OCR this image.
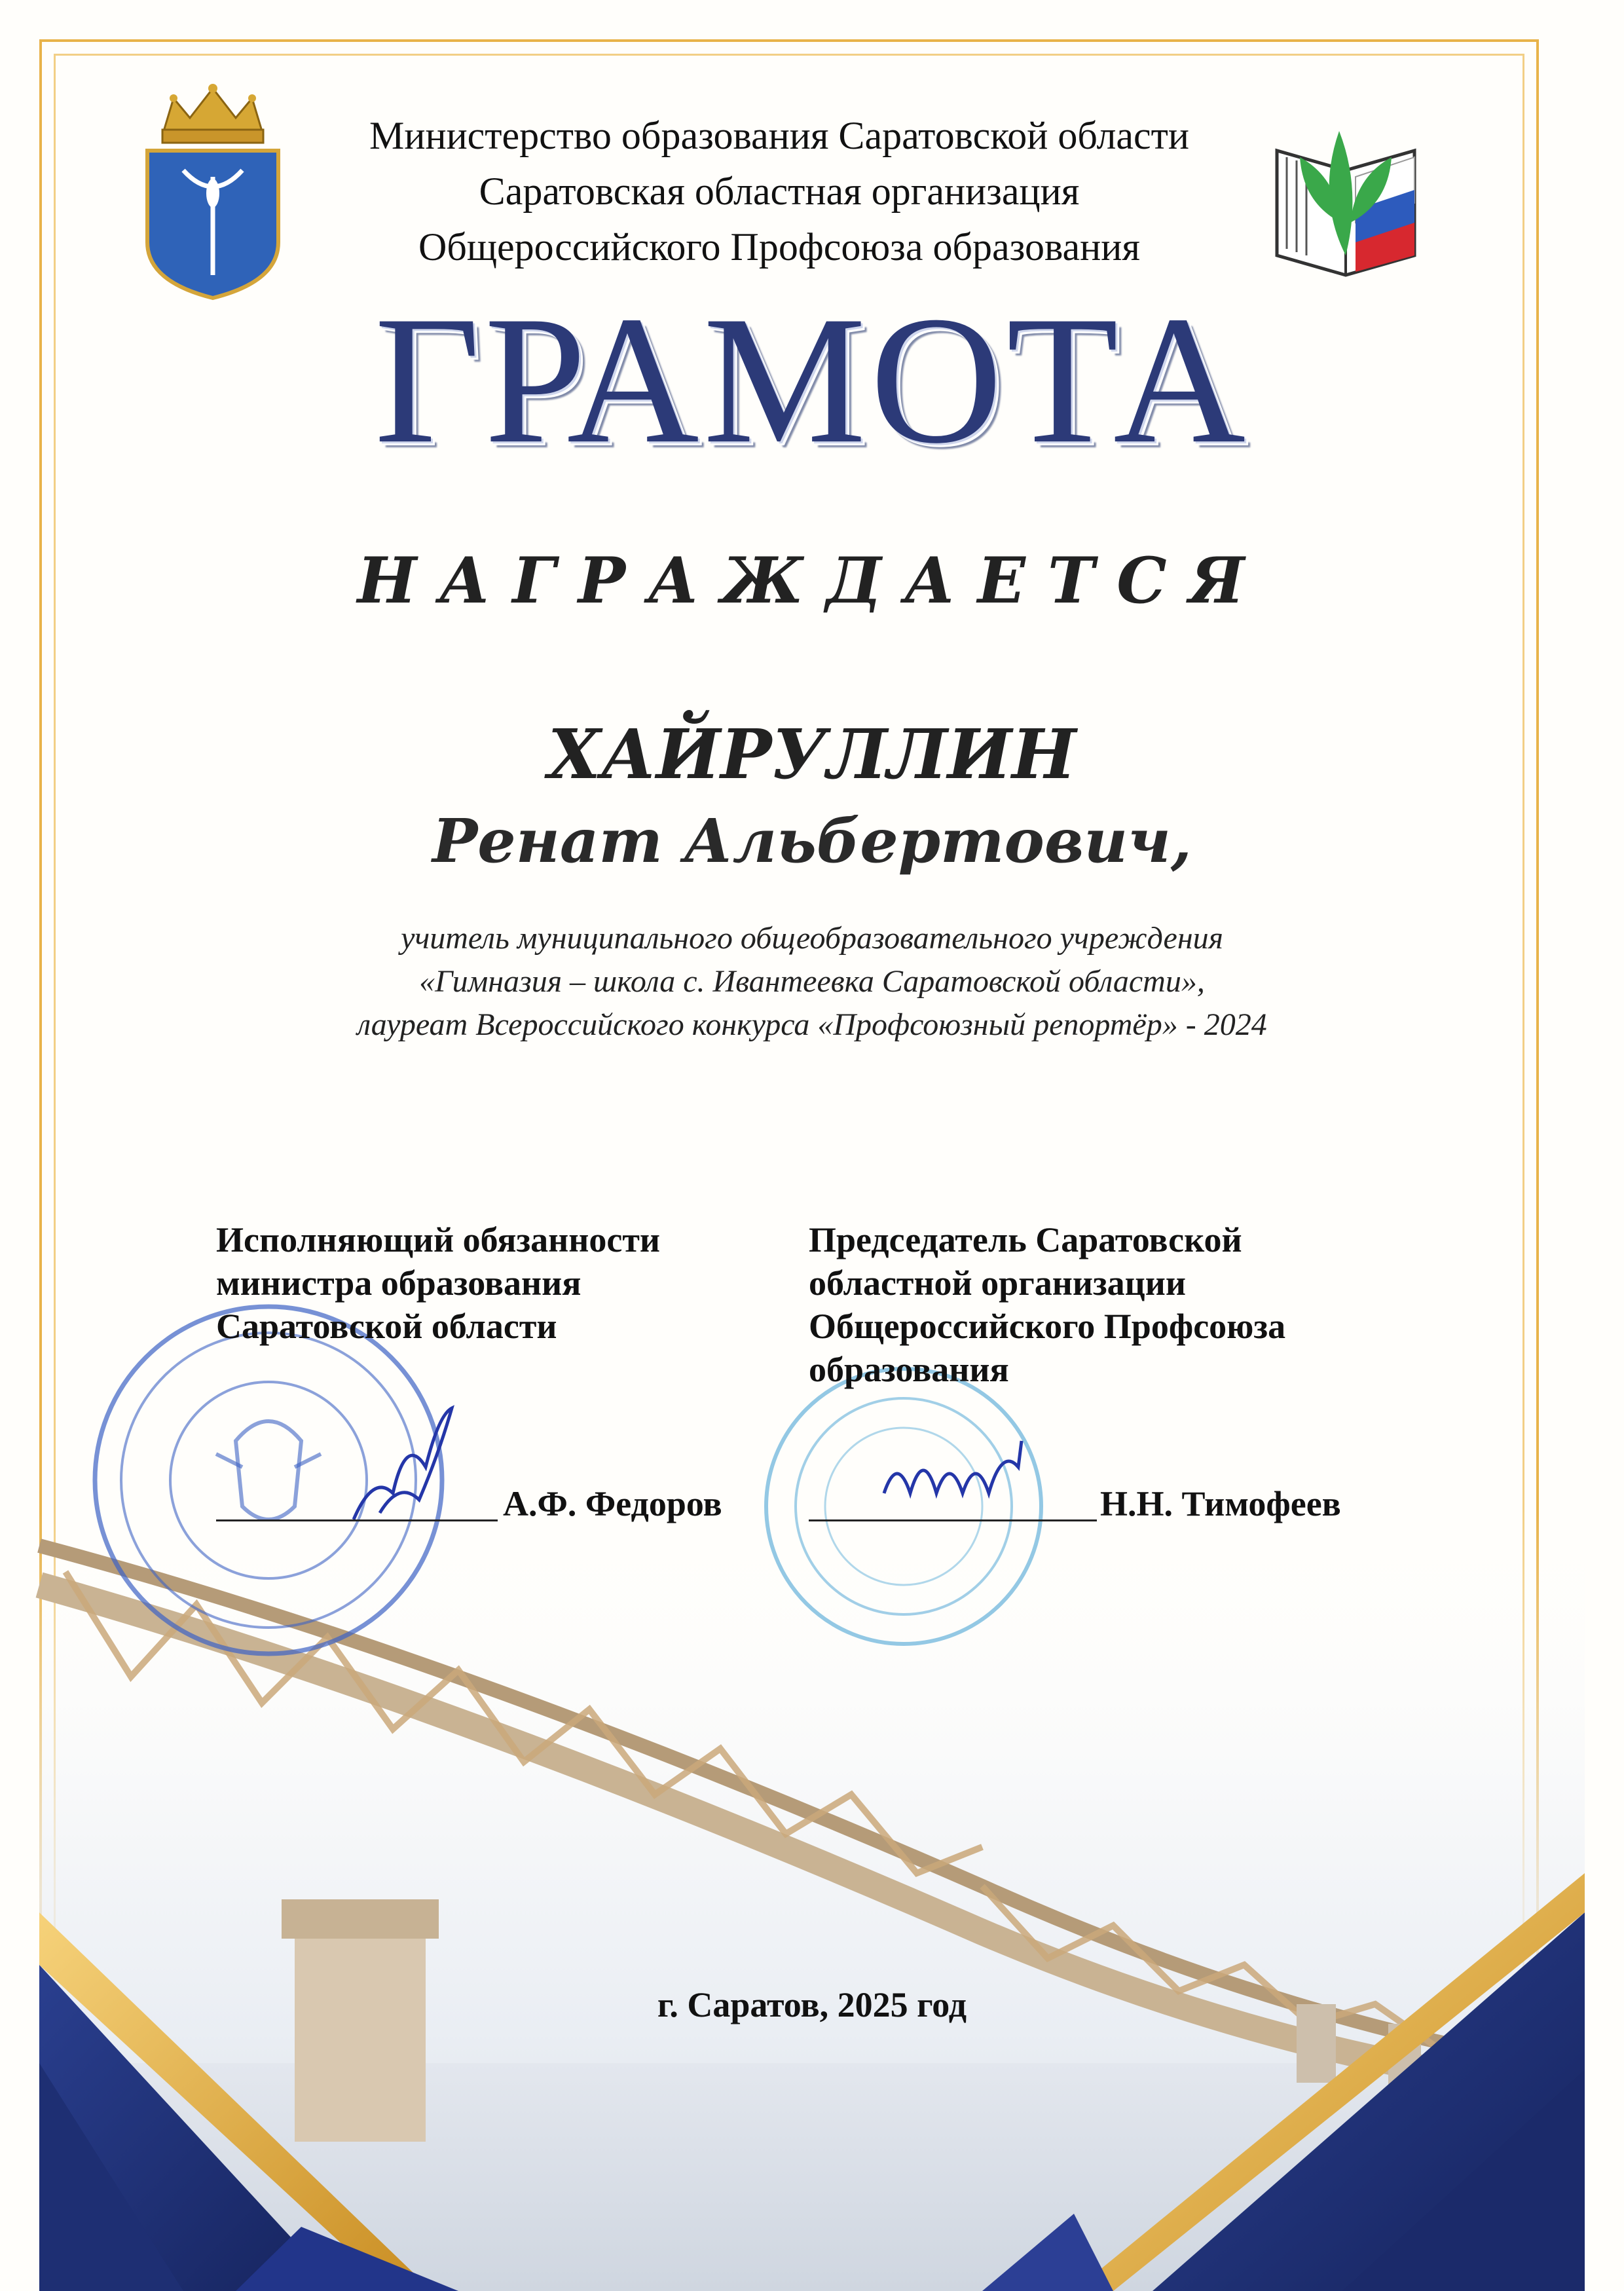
Министерство образования Саратовской области
Саратовская областная организация
Общероссийского Профсоюза образования
ГРАМОТА
НАГРАЖДАЕТСЯ
ХАЙРУЛЛИН
Ренат Альбертович,
учитель муниципального общеобразовательного учреждения
«Гимназия – школа с. Ивантеевка Саратовской области»,
лауреат Всероссийского конкурса «Профсоюзный репортёр» - 2024
Исполняющий обязанности
министра образования
Саратовской области
Председатель Саратовской
областной организации
Общероссийского Профсоюза
образования
А.Ф. Федоров	Н.Н. Тимофеев
г. Саратов, 2025 год
